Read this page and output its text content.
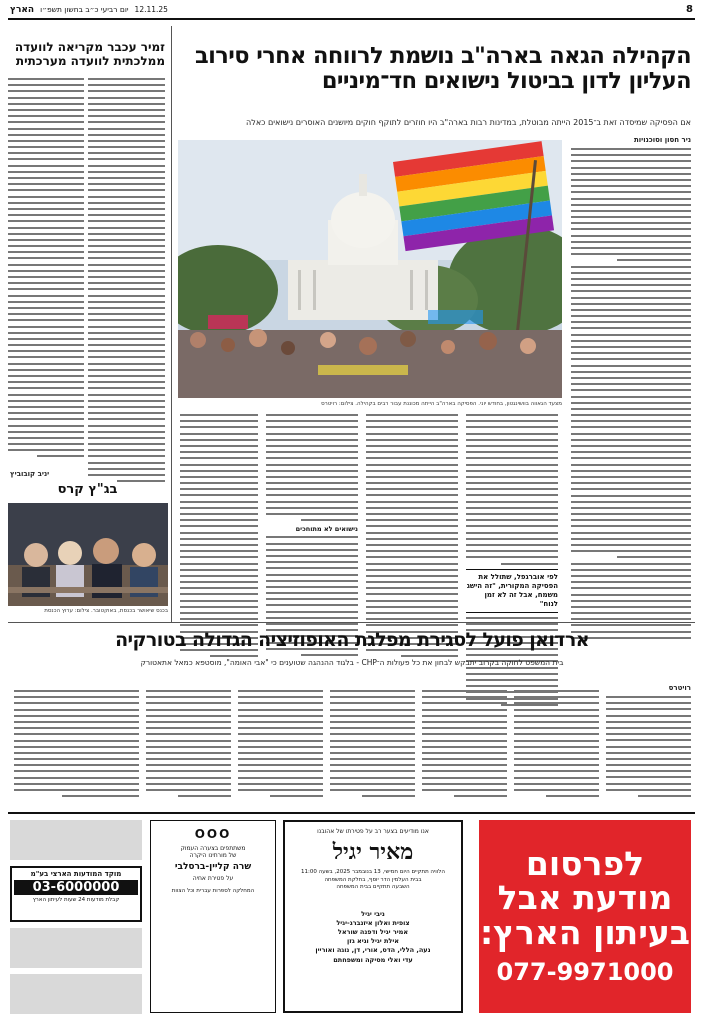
8
12.11.25
יום רביעי כ״ב בחשון תשפ״ו
הארץ
הקהילה הגאה בארה"ב נושמת לרווחה אחרי סירוב העליון לדון בביטול נישואים חד־מיניים
אם הפסיקה שמיסדה זאת ב־2015 הייתה מבוטלת, במדינות רבות בארה"ב היו חוזרים לתוקף חוקים מיושנים האוסרים נישואים כאלה
ניר חסון וסוכנויות
מצעד הגאווה בוושינגטון, בחודש יוני. הפסיקה בארה"ב הייתה מכוננת עבור רבים בקהילה. צילום: רויטרס
לפי אוברגפל, שתולל את הפסיקה המקורית, "זה הישג משמח, אבל זה לא זמן לנוח"
נישואים לא מתוחכים
זמיר עכבר מקריאה לוועדה ממלכתית לוועדה מערכתית
יניב קובוביץ
בג"ץ קרס
בכנס שיאושר בכנסת, באוקטובר. צילום: ערוץ הכנסת
ארדואן פועל לסגירת מפלגת האופוזיציה הגדולה בטורקיה
בית המשפט לחוקה בקרוב יתבקש לבחון את כל פעולות ה־CHP - בלגוד ההנהגה שטוענים כי "אבי האומה", מוסטפא כמאל אתאטורק
רויטרס
לפרסום
מודעת אבל
בעיתון הארץ:
077-9971000
אנו מודיעים בצער רב על פטירתו של אהובנו
מאיר יגיל
הלוויה תתקיים היום חמישי, 13 בנובמבר 2025, בשעה 11:00
בבית העלמין הדר יוסף, בחלקת המשפחה
השבעה תתקיים בבית המשפחה
ניבי יגיל
צופית ואלון איזנברג-יגיל
אמיר יגיל ודפנה שוראל
אילת יגיל וגיא גזן
נעה, הללי, הדס, אורי, דן, נוגה ואוריין
עדי ואלי מסיקה ומשפחתם
OOO
משתתפים בצערה העמוק
של מורתינו היקרה
שרה קליין-ברסלבי
על פטירת אחיה
המחלקה לספרות עברית וכל הצוות
מוקד המודעות הארצי בע"מ
03-6000000
קבלת מודעות 24 שעות לעיתון הארץ
